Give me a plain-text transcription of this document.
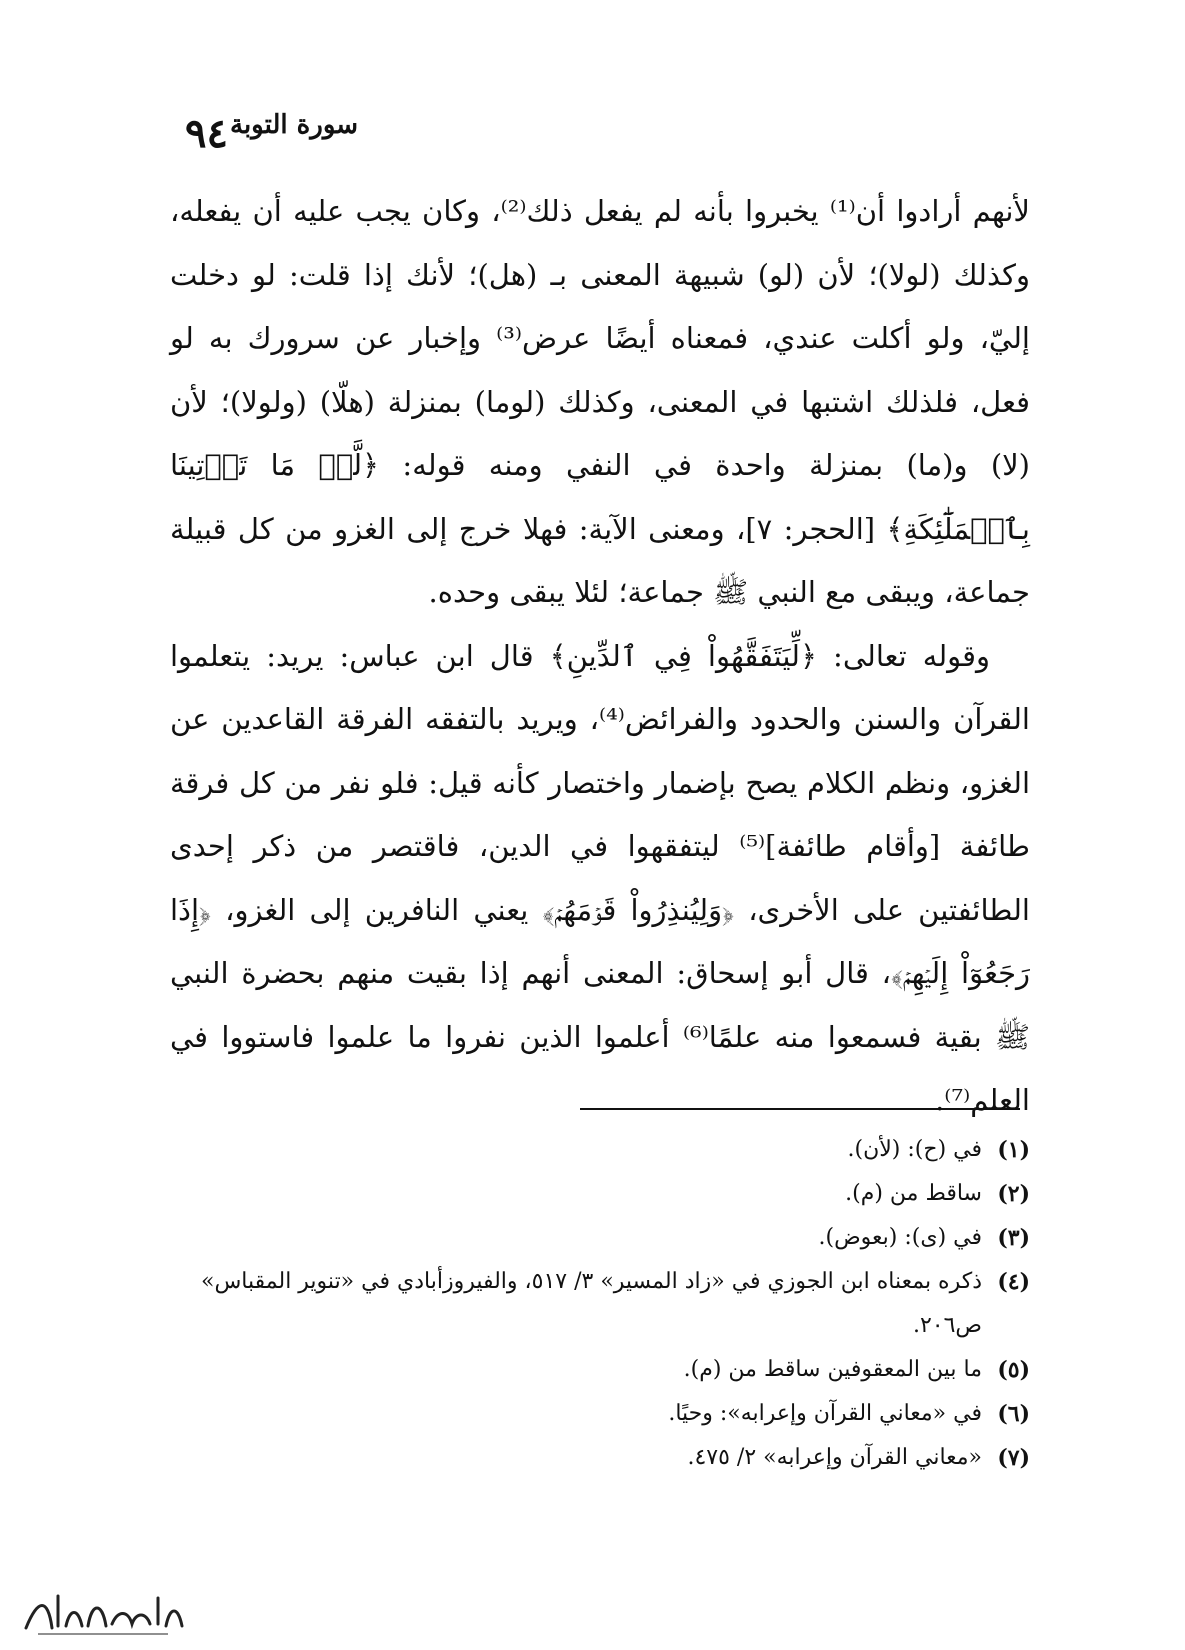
٩٤ سورة التوبة

لأنهم أرادوا أن⁽¹⁾ يخبروا بأنه لم يفعل ذلك⁽²⁾، وكان يجب عليه أن يفعله، وكذلك (لولا)؛ لأن (لو) شبيهة المعنى بـ (هل)؛ لأنك إذا قلت: لو دخلت إليّ، ولو أكلت عندي، فمعناه أيضًا عرض⁽³⁾ وإخبار عن سرورك به لو فعل، فلذلك اشتبها في المعنى، وكذلك (لوما) بمنزلة (هلّا) (ولولا)؛ لأن (لا) و(ما) بمنزلة واحدة في النفي ومنه قوله: ﴿لَّوۡ مَا تَأۡتِينَا بِٱلۡمَلَٰٓئِكَةِ﴾ [الحجر: ٧]، ومعنى الآية: فهلا خرج إلى الغزو من كل قبيلة جماعة، ويبقى مع النبي ﷺ جماعة؛ لئلا يبقى وحده.

وقوله تعالى: ﴿لِّيَتَفَقَّهُواْ فِي ٱلدِّينِ﴾ قال ابن عباس: يريد: يتعلموا القرآن والسنن والحدود والفرائض⁽⁴⁾، ويريد بالتفقه الفرقة القاعدين عن الغزو، ونظم الكلام يصح بإضمار واختصار كأنه قيل: فلو نفر من كل فرقة طائفة [وأقام طائفة]⁽⁵⁾ ليتفقهوا في الدين، فاقتصر من ذكر إحدى الطائفتين على الأخرى، ﴿وَلِيُنذِرُواْ قَوۡمَهُمۡ﴾ يعني النافرين إلى الغزو، ﴿إِذَا رَجَعُوٓاْ إِلَيۡهِمۡ﴾، قال أبو إسحاق: المعنى أنهم إذا بقيت منهم بحضرة النبي ﷺ بقية فسمعوا منه علمًا⁽⁶⁾ أعلموا الذين نفروا ما علموا فاستووا في العلم⁽⁷⁾.

(١)
في (ح): (لأن).
(٢)
ساقط من (م).
(٣)
في (ى): (بعوض).
(٤)
ذكره بمعناه ابن الجوزي في «زاد المسير» ٣/ ٥١٧، والفيروزأبادي في «تنوير المقباس» ص٢٠٦.
(٥)
ما بين المعقوفين ساقط من (م).
(٦)
في «معاني القرآن وإعرابه»: وحيًا.
(٧)
«معاني القرآن وإعرابه» ٢/ ٤٧٥.
